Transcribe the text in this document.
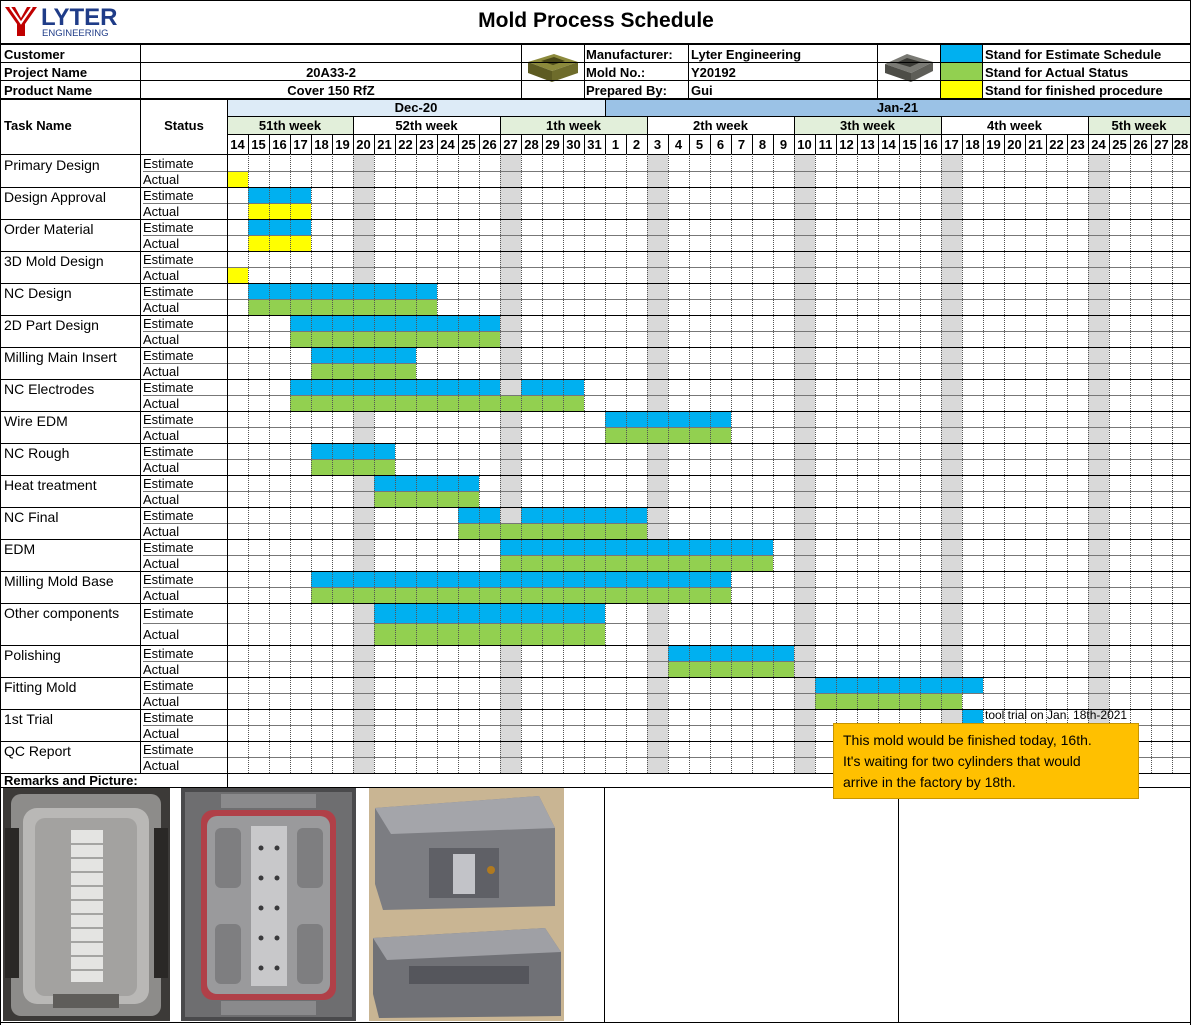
LYTER
ENGINEERING
Mold Process Schedule
Customer
Project Name	20A33-2
Product Name	Cover 150 RfZ
Manufacturer: Lyter Engineering
Mold No.:	Y20192
Prepared By: Gui
Stand for Estimate Schedule
Stand for Actual Status
Stand for finished procedure
Task Name	Status
Dec-20	Jan-21
51th week	52th week	1th week	2th week	3th week	4th week	5th week
14 15 16 17 18 19 20 21 22 23 24 25 26 27 28 29 30 31 1	2	3	4	5	6	7	8	9 10 11 12 13 14 15 16 17 18 19 20 21 22 23 24 25 26 27 28
Primary Design	Estimate
Actual
Design Approval	Estimate
Actual
Order Material	Estimate
Actual
3D Mold Design	Estimate
Actual
NC Design	Estimate
Actual
2D Part Design	Estimate
Actual
Milling Main Insert	Estimate
Actual
NC Electrodes	Estimate
Actual
Wire EDM	Estimate
Actual
NC Rough	Estimate
Actual
Heat treatment	Estimate
Actual
NC Final	Estimate
Actual
EDM	Estimate
Actual
Milling Mold Base	Estimate
Actual
Other components	Estimate
Actual
Polishing	Estimate
Actual
Fitting Mold	Estimate
Actual
1st Trial	Estimate
Actual
QC Report	Estimate
Actual
Remarks and Picture:
tool trial on Jan. 18th-2021
This mold would be finished today, 16th.
It's waiting for two cylinders that would
arrive in the factory by 18th.
